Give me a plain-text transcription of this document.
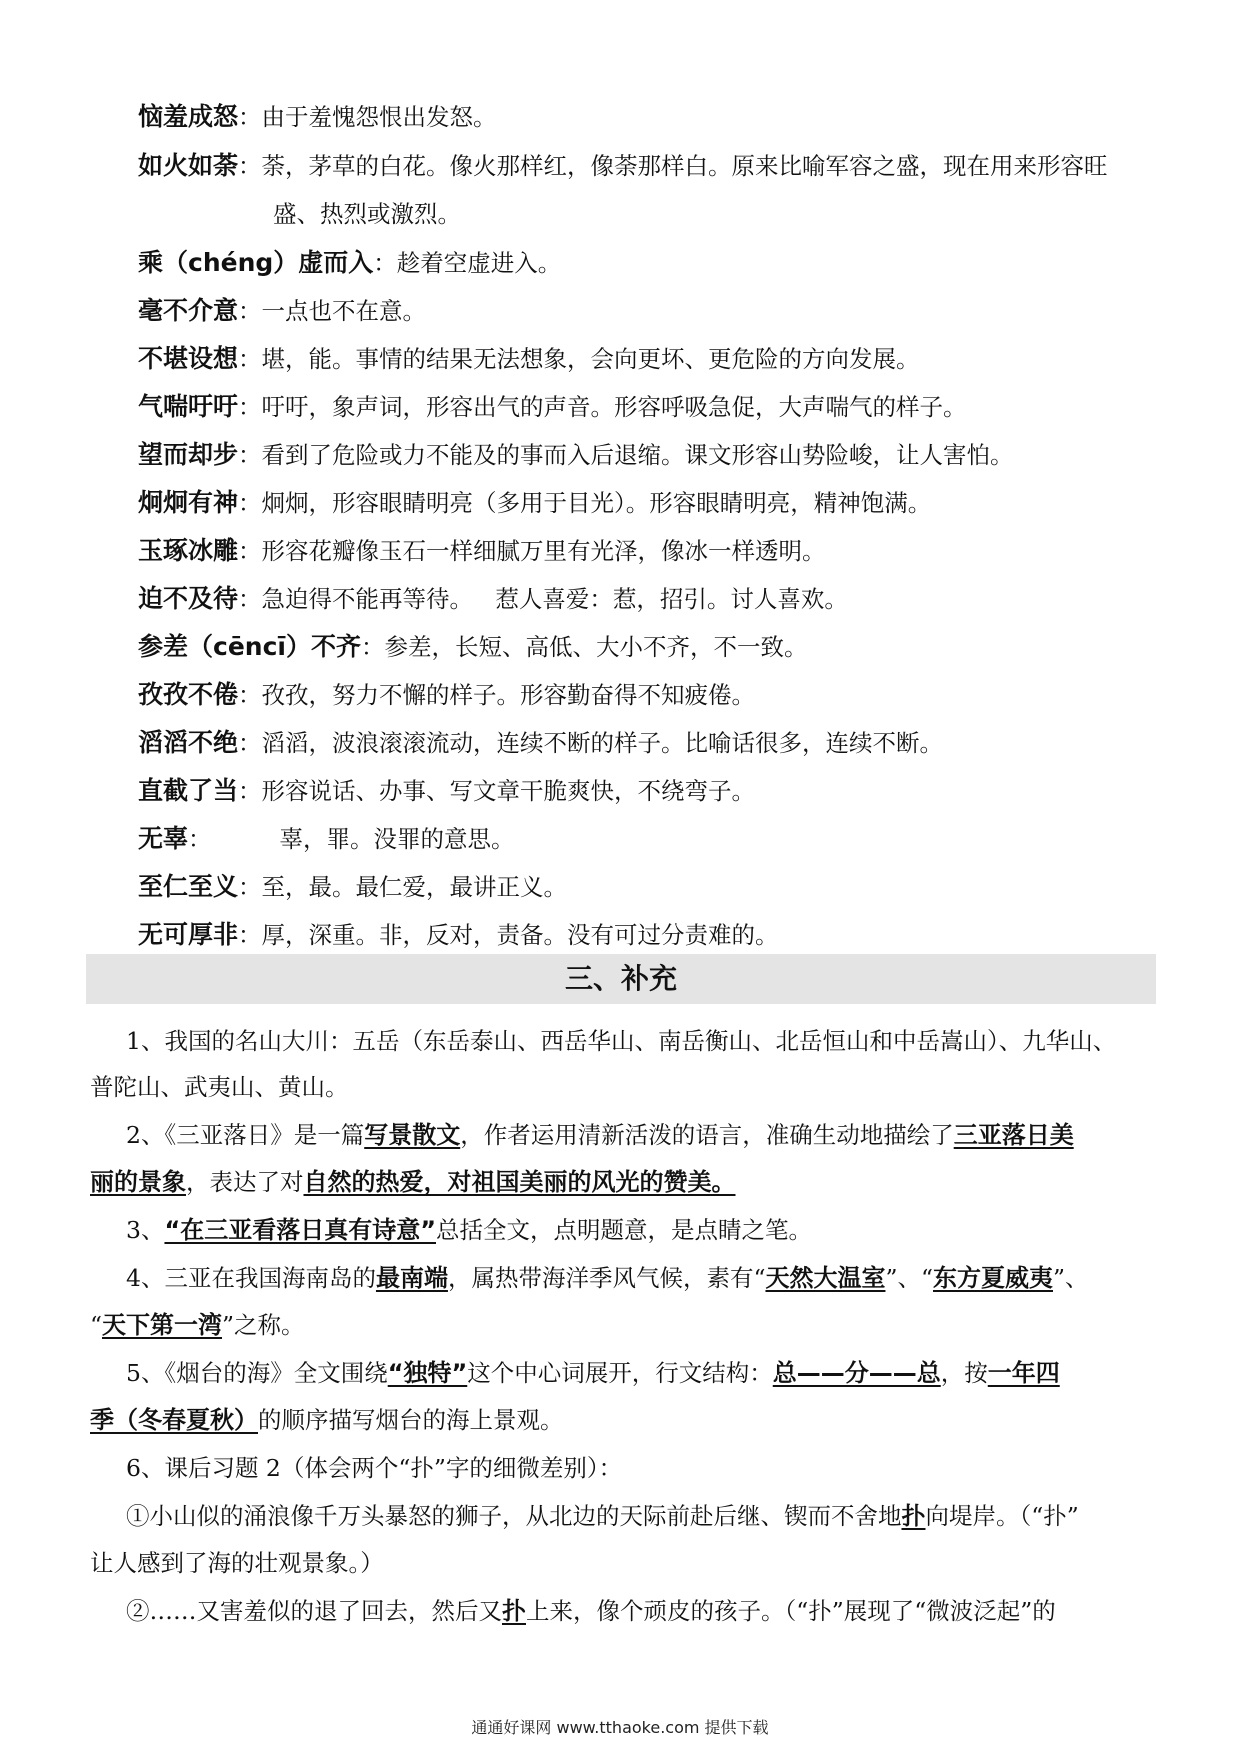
恼羞成怒：由于羞愧怨恨出发怒。
如火如荼：荼，茅草的白花。像火那样红，像荼那样白。原来比喻军容之盛，现在用来形容旺
盛、热烈或激烈。
乘（chéng）虚而入：趁着空虚进入。
毫不介意：一点也不在意。
不堪设想：堪，能。事情的结果无法想象，会向更坏、更危险的方向发展。
气喘吁吁：吁吁，象声词，形容出气的声音。形容呼吸急促，大声喘气的样子。
望而却步：看到了危险或力不能及的事而入后退缩。课文形容山势险峻，让人害怕。
炯炯有神：炯炯，形容眼睛明亮（多用于目光）。形容眼睛明亮，精神饱满。
玉琢冰雕：形容花瓣像玉石一样细腻万里有光泽，像冰一样透明。
迫不及待：急迫得不能再等待。   惹人喜爱：惹，招引。讨人喜欢。
参差（cēncī）不齐：参差，长短、高低、大小不齐，不一致。
孜孜不倦：孜孜，努力不懈的样子。形容勤奋得不知疲倦。
滔滔不绝：滔滔，波浪滚滚流动，连续不断的样子。比喻话很多，连续不断。
直截了当：形容说话、办事、写文章干脆爽快，不绕弯子。
无辜：	辜，罪。没罪的意思。
至仁至义：至，最。最仁爱，最讲正义。
无可厚非：厚，深重。非，反对，责备。没有可过分责难的。
三、补充
1、我国的名山大川：五岳（东岳泰山、西岳华山、南岳衡山、北岳恒山和中岳嵩山）、九华山、
普陀山、武夷山、黄山。
2、《三亚落日》是一篇写景散文，作者运用清新活泼的语言，准确生动地描绘了三亚落日美
丽的景象，表达了对自然的热爱，对祖国美丽的风光的赞美。
3、“在三亚看落日真有诗意”总括全文，点明题意，是点睛之笔。
4、三亚在我国海南岛的最南端，属热带海洋季风气候，素有“天然大温室”、“东方夏威夷”、
“天下第一湾”之称。
5、《烟台的海》全文围绕“独特”这个中心词展开，行文结构：总——分——总，按一年四
季（冬春夏秋）的顺序描写烟台的海上景观。
6、课后习题 2（体会两个“扑”字的细微差别）：
①小山似的涌浪像千万头暴怒的狮子，从北边的天际前赴后继、锲而不舍地扑向堤岸。（“扑”
让人感到了海的壮观景象。）
②……又害羞似的退了回去，然后又扑上来，像个顽皮的孩子。（“扑”展现了“微波泛起”的
通通好课网 www.tthaoke.com 提供下载
